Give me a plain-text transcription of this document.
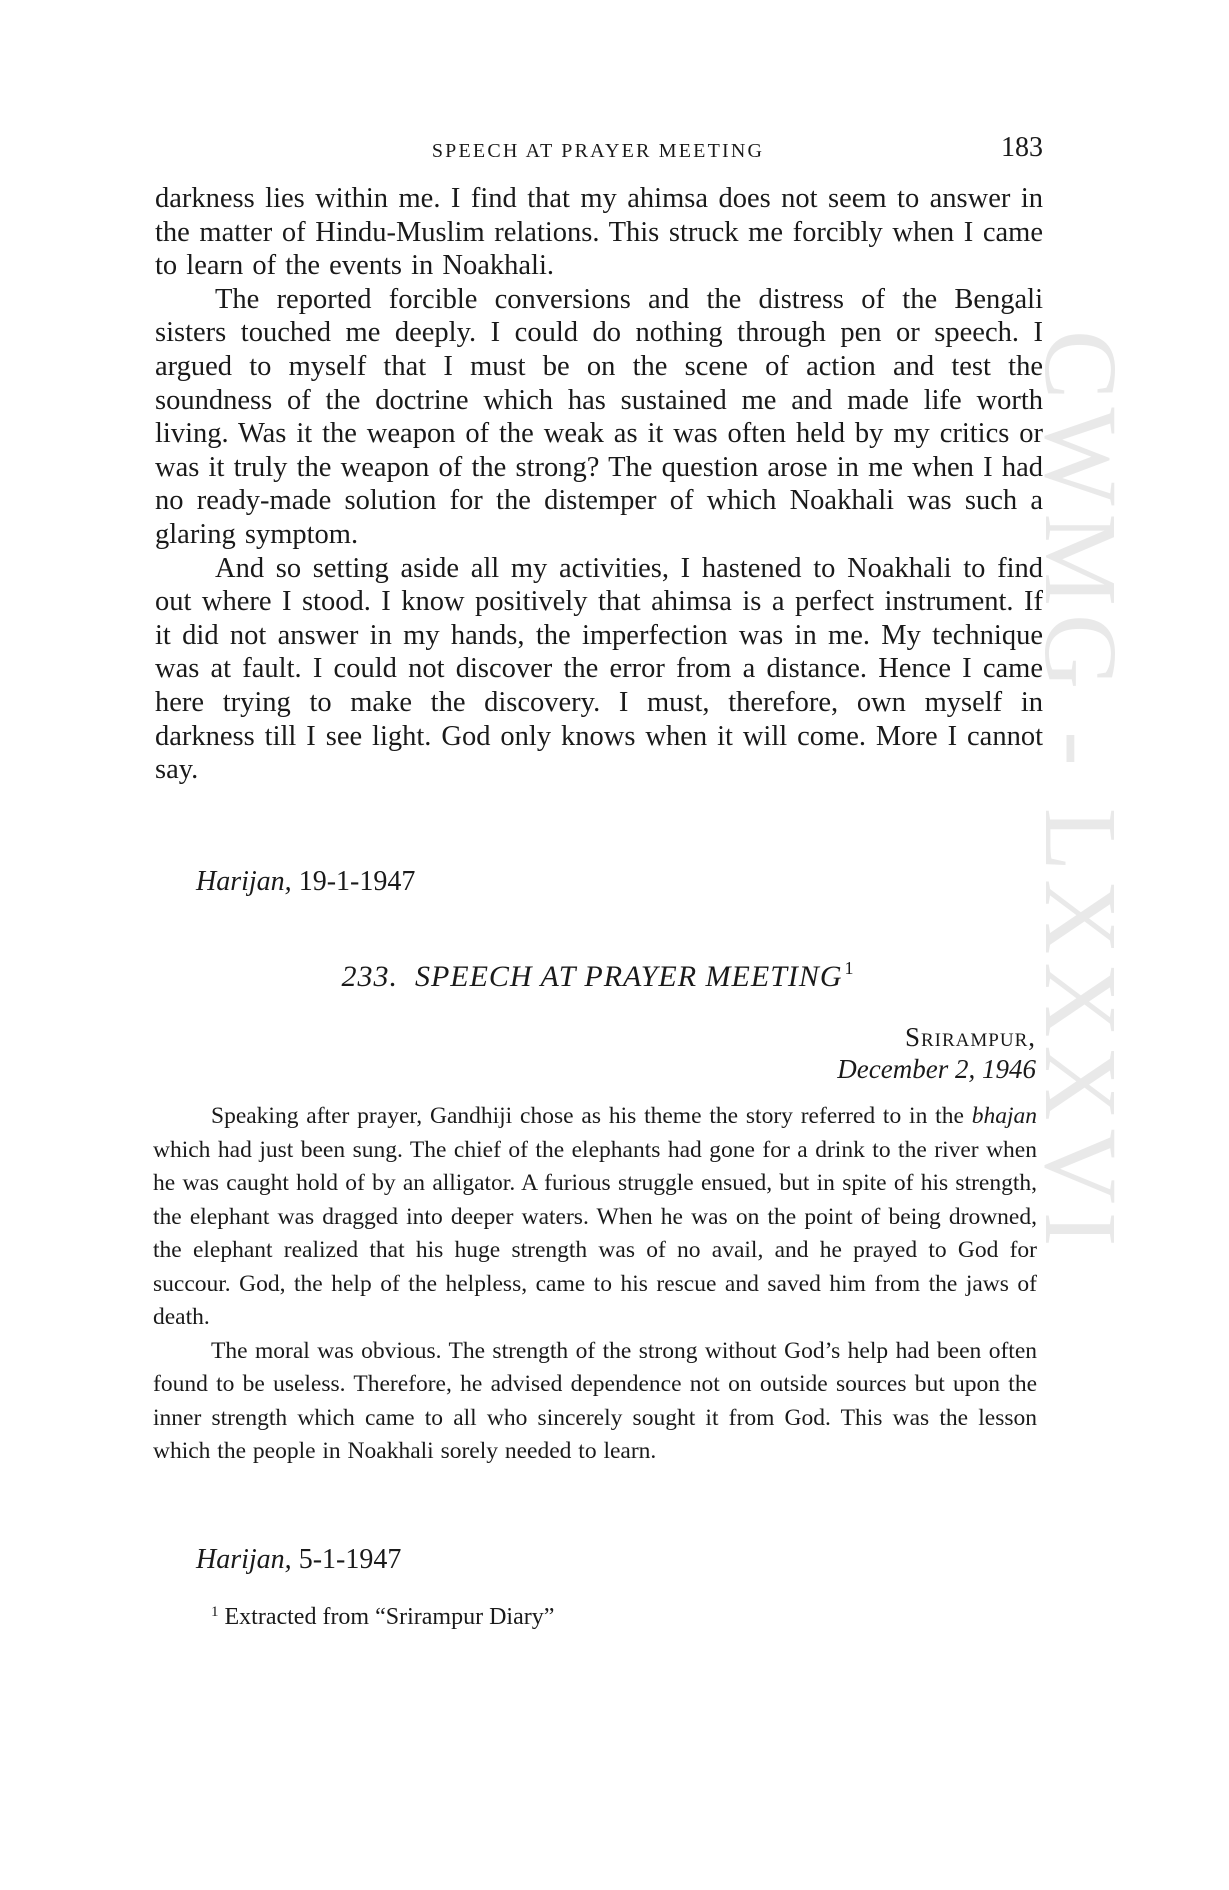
SPEECH AT PRAYER MEETING	183

darkness lies within me. I find that my ahimsa does not seem to answer in the matter of Hindu-Muslim relations. This struck me forcibly when I came to learn of the events in Noakhali.

The reported forcible conversions and the distress of the Bengali sisters touched me deeply. I could do nothing through pen or speech. I argued to myself that I must be on the scene of action and test the soundness of the doctrine which has sustained me and made life worth living. Was it the weapon of the weak as it was often held by my critics or was it truly the weapon of the strong? The question arose in me when I had no ready-made solution for the distemper of which Noakhali was such a glaring symptom.

And so setting aside all my activities, I hastened to Noakhali to find out where I stood. I know positively that ahimsa is a perfect instrument. If it did not answer in my hands, the imperfection was in me. My technique was at fault. I could not discover the error from a distance. Hence I came here trying to make the discovery. I must, therefore, own myself in darkness till I see light. God only knows when it will come. More I cannot say.

Harijan, 19-1-1947
233.  SPEECH AT PRAYER MEETING $^1$
Srirampur,
December 2, 1946

Speaking after prayer, Gandhiji chose as his theme the story referred to in the bhajan which had just been sung. The chief of the elephants had gone for a drink to the river when he was caught hold of by an alligator. A furious struggle ensued, but in spite of his strength, the elephant was dragged into deeper waters. When he was on the point of being drowned, the elephant realized that his huge strength was of no avail, and he prayed to God for succour. God, the help of the helpless, came to his rescue and saved him from the jaws of death.

The moral was obvious. The strength of the strong without God’s help had been often found to be useless. Therefore, he advised dependence not on outside sources but upon the inner strength which came to all who sincerely sought it from God. This was the lesson which the people in Noakhali sorely needed to learn.

Harijan, 5-1-1947
$^1$ Extracted from “Srirampur Diary”
CWMG - LXXXVI
